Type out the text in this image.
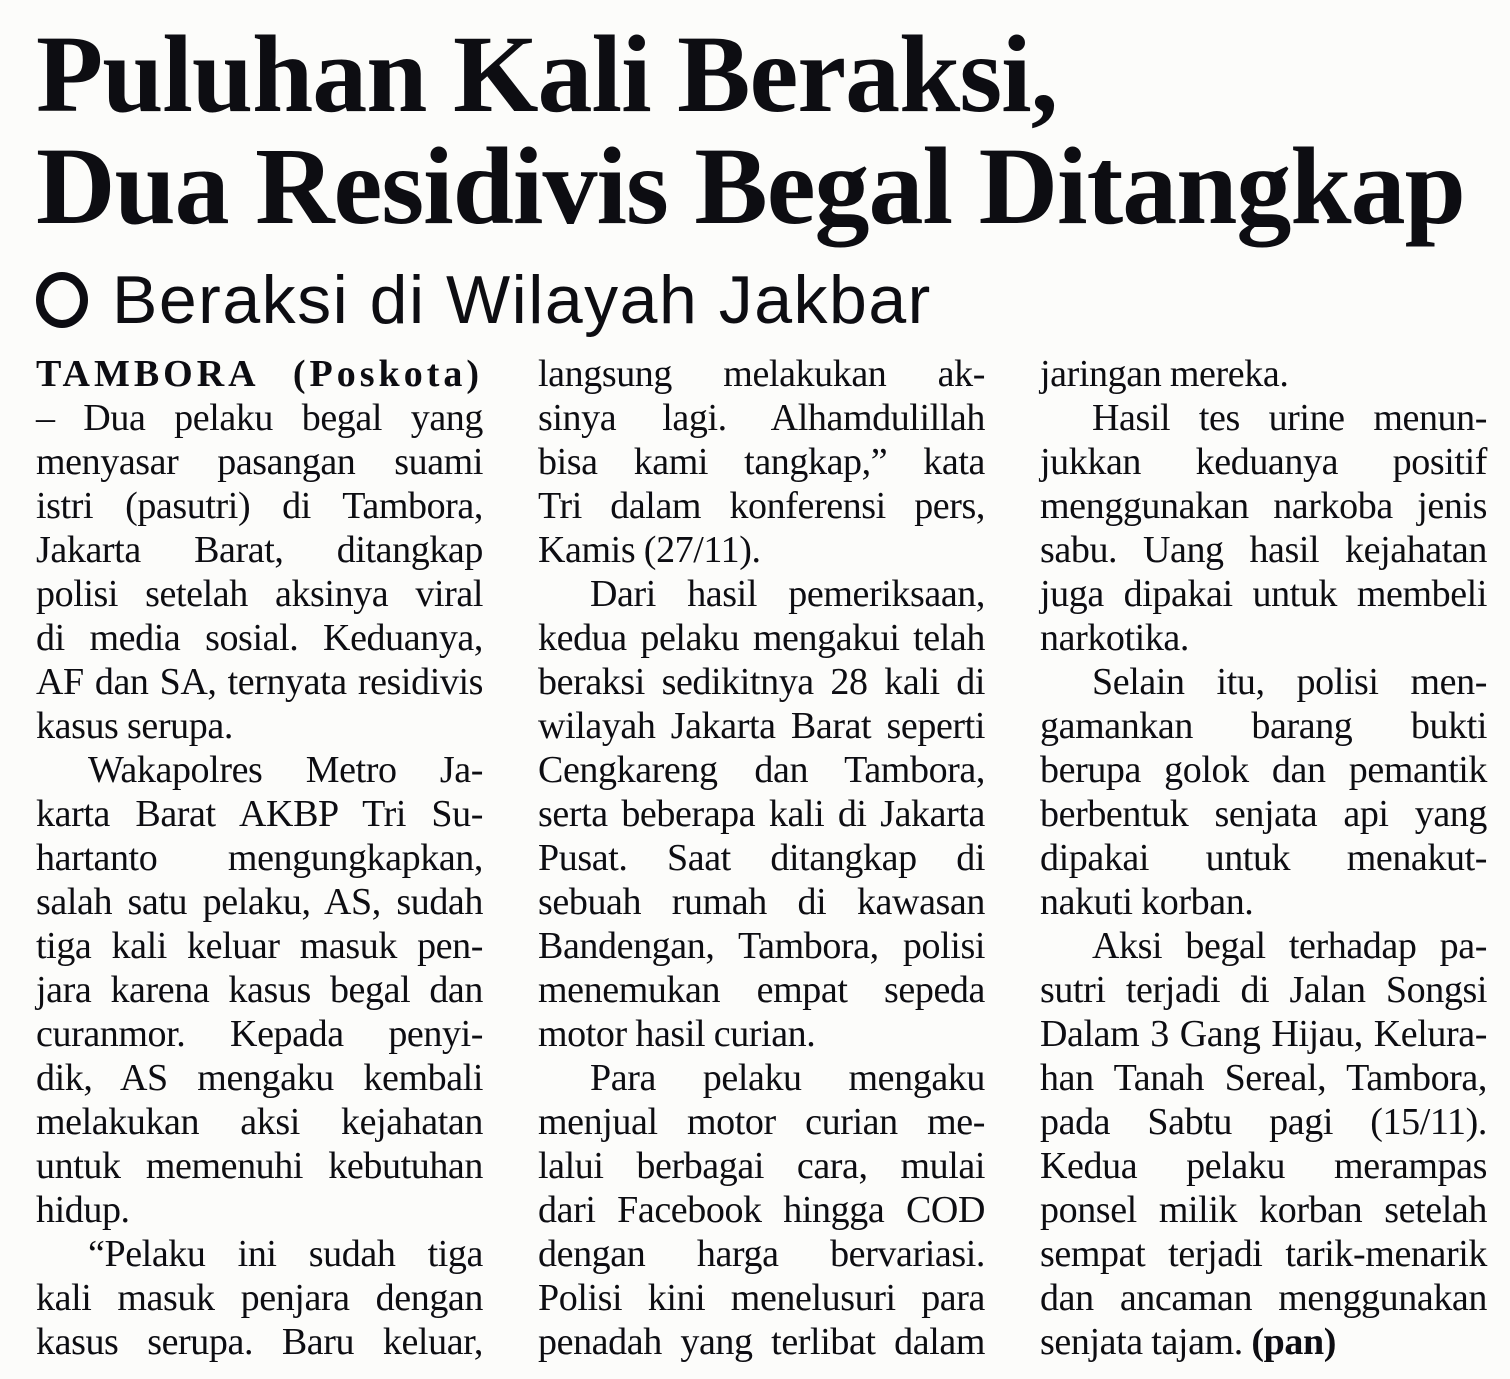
Puluhan Kali Beraksi,
Dua Residivis Begal Ditangkap
Beraksi di Wilayah Jakbar
TAMBORA (Poskota)
– Dua pelaku begal yang
menyasar pasangan suami
istri (pasutri) di Tambora,
Jakarta Barat, ditangkap
polisi setelah aksinya viral
di media sosial. Keduanya,
AF dan SA, ternyata residivis
kasus serupa.
Wakapolres Metro Ja-
karta Barat AKBP Tri Su-
hartanto mengungkapkan,
salah satu pelaku, AS, sudah
tiga kali keluar masuk pen-
jara karena kasus begal dan
curanmor. Kepada penyi-
dik, AS mengaku kembali
melakukan aksi kejahatan
untuk memenuhi kebutuhan
hidup.
“Pelaku ini sudah tiga
kali masuk penjara dengan
kasus serupa. Baru keluar,
langsung melakukan ak-
sinya lagi. Alhamdulillah
bisa kami tangkap,” kata
Tri dalam konferensi pers,
Kamis (27/11).
Dari hasil pemeriksaan,
kedua pelaku mengakui telah
beraksi sedikitnya 28 kali di
wilayah Jakarta Barat seperti
Cengkareng dan Tambora,
serta beberapa kali di Jakarta
Pusat. Saat ditangkap di
sebuah rumah di kawasan
Bandengan, Tambora, polisi
menemukan empat sepeda
motor hasil curian.
Para pelaku mengaku
menjual motor curian me-
lalui berbagai cara, mulai
dari Facebook hingga COD
dengan harga bervariasi.
Polisi kini menelusuri para
penadah yang terlibat dalam
jaringan mereka.
Hasil tes urine menun-
jukkan keduanya positif
menggunakan narkoba jenis
sabu. Uang hasil kejahatan
juga dipakai untuk membeli
narkotika.
Selain itu, polisi men-
gamankan barang bukti
berupa golok dan pemantik
berbentuk senjata api yang
dipakai untuk menakut-
nakuti korban.
Aksi begal terhadap pa-
sutri terjadi di Jalan Songsi
Dalam 3 Gang Hijau, Kelura-
han Tanah Sereal, Tambora,
pada Sabtu pagi (15/11).
Kedua pelaku merampas
ponsel milik korban setelah
sempat terjadi tarik-menarik
dan ancaman menggunakan
senjata tajam. (pan)
